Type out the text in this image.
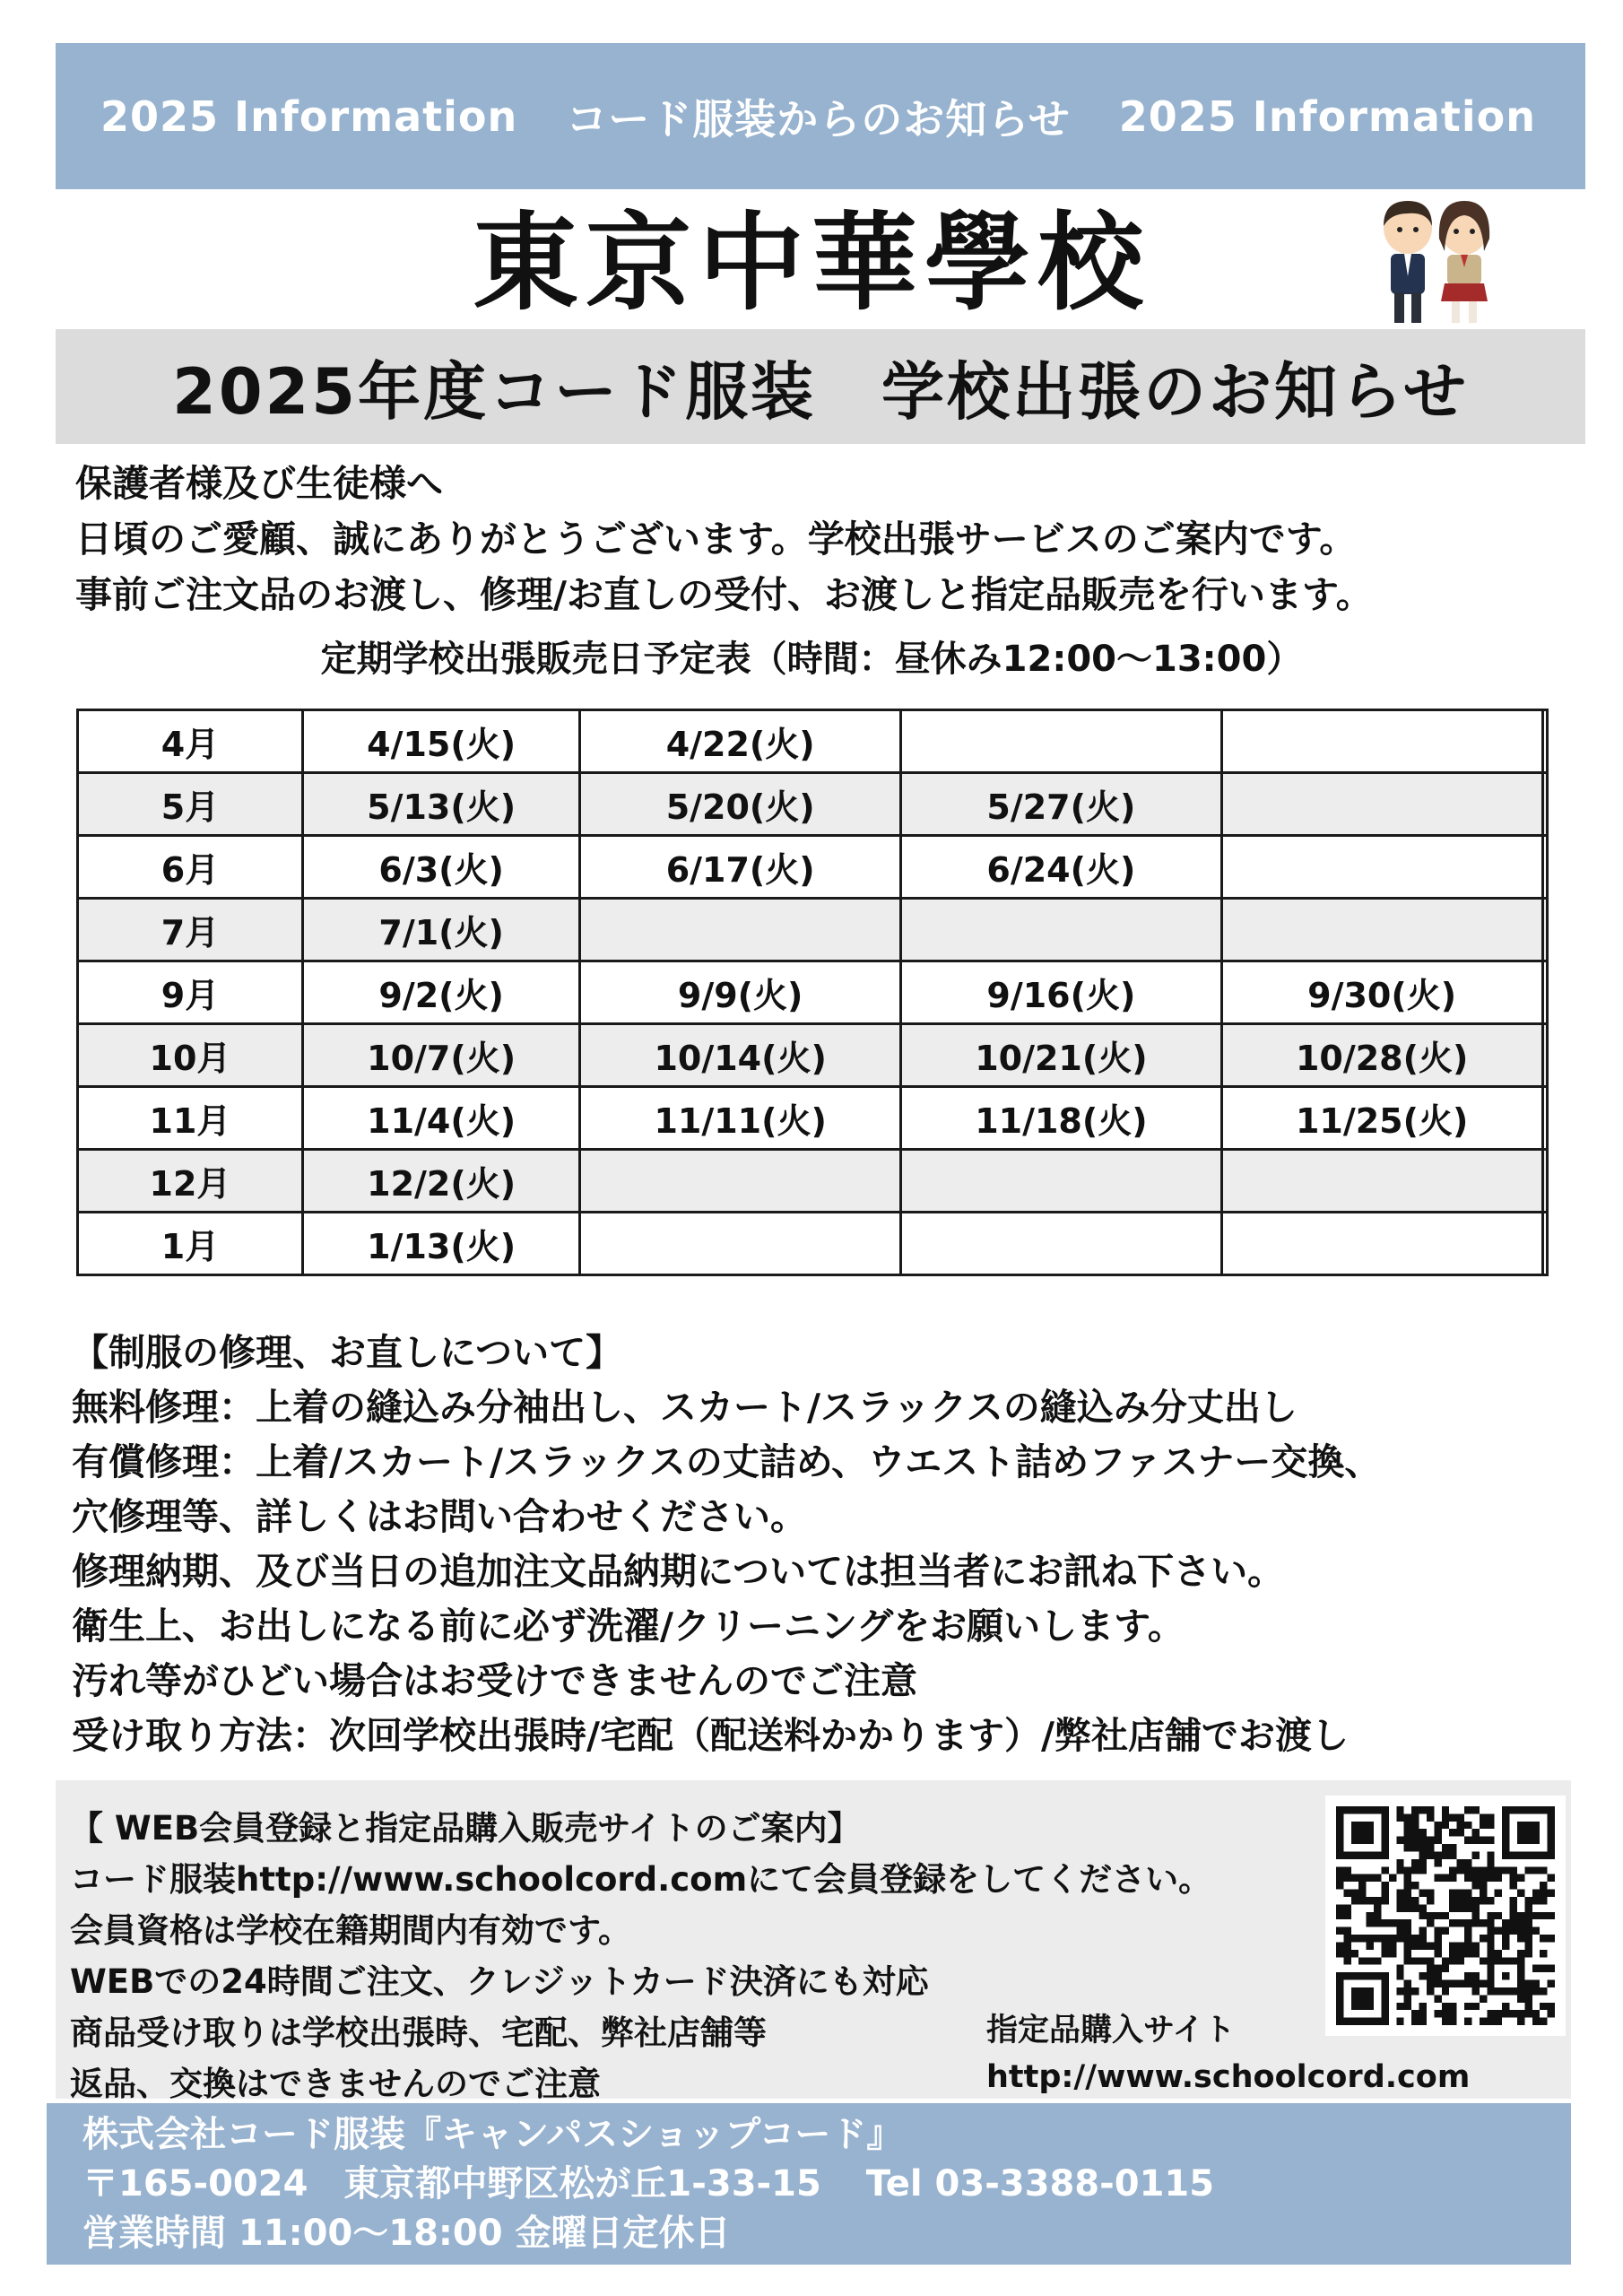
2025 Information コード服装からのお知らせ 2025 Information
東京中華學校
2025年度コード服装　学校出張のお知らせ
保護者様及び生徒様へ
日頃のご愛顧、誠にありがとうございます。学校出張サービスのご案内です。
事前ご注文品のお渡し、修理/お直しの受付、お渡しと指定品販売を行います。
定期学校出張販売日予定表（時間：昼休み12:00～13:00）
4月	4/15(火)	4/22(火)			
5月	5/13(火)	5/20(火)	5/27(火)		
6月	6/3(火)	6/17(火)	6/24(火)		
7月	7/1(火)				
9月	9/2(火)	9/9(火)	9/16(火)	9/30(火)	
10月	10/7(火)	10/14(火)	10/21(火)	10/28(火)	
11月	11/4(火)	11/11(火)	11/18(火)	11/25(火)	
12月	12/2(火)				
1月	1/13(火)				
【制服の修理、お直しについて】
無料修理：上着の縫込み分袖出し、スカート/スラックスの縫込み分丈出し
有償修理：上着/スカート/スラックスの丈詰め、ウエスト詰めファスナー交換、
穴修理等、詳しくはお問い合わせください。
修理納期、及び当日の追加注文品納期については担当者にお訊ね下さい。
衛生上、お出しになる前に必ず洗濯/クリーニングをお願いします。
汚れ等がひどい場合はお受けできませんのでご注意
受け取り方法：次回学校出張時/宅配（配送料かかります）/弊社店舗でお渡し
【 WEB会員登録と指定品購入販売サイトのご案内】
コード服装http://www.schoolcord.comにて会員登録をしてください。
会員資格は学校在籍期間内有効です。
WEBでの24時間ご注文、クレジットカード決済にも対応
商品受け取りは学校出張時、宅配、弊社店舗等
返品、交換はできませんのでご注意
指定品購入サイト
http://www.schoolcord.com
株式会社コード服装『キャンパスショップコード』
〒165-0024　東京都中野区松が丘1-33-15 Tel 03-3388-0115
営業時間 11:00～18:00 金曜日定休日
